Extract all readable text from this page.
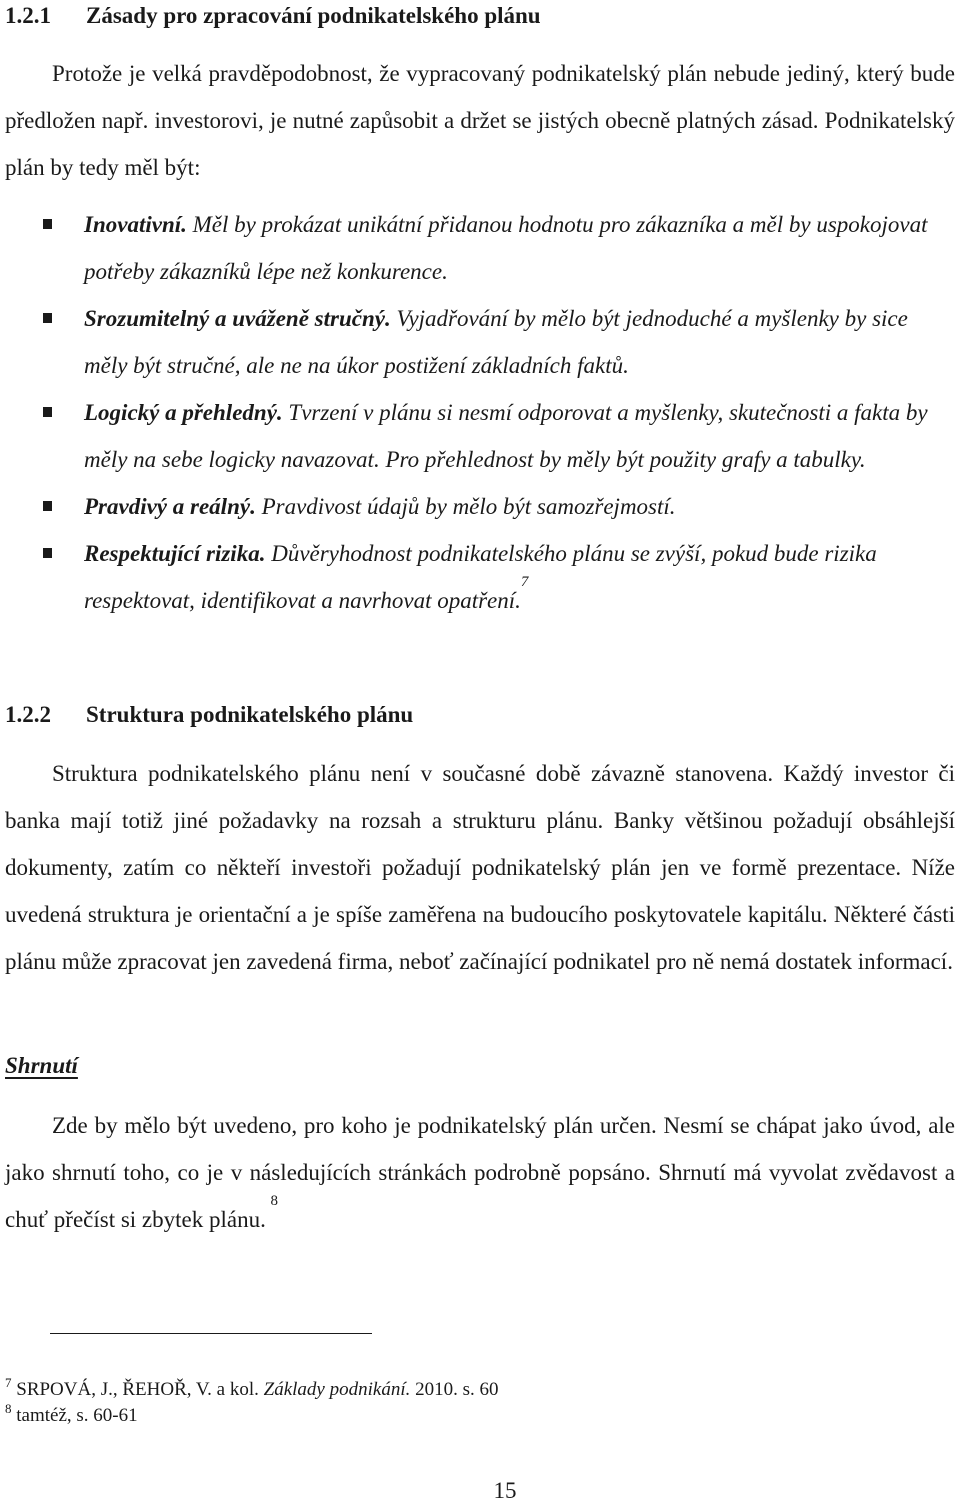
1.2.1 Zásady pro zpracování podnikatelského plánu

Protože je velká pravděpodobnost, že vypracovaný podnikatelský plán nebude jediný, který bude předložen např. investorovi, je nutné zapůsobit a držet se jistých obecně platných zásad. Podnikatelský plán by tedy měl být:

Inovativní. Měl by prokázat unikátní přidanou hodnotu pro zákazníka a měl by uspokojovat potřeby zákazníků lépe než konkurence.
Srozumitelný a uváženě stručný. Vyjadřování by mělo být jednoduché a myšlenky by sice měly být stručné, ale ne na úkor postižení základních faktů.
Logický a přehledný. Tvrzení v plánu si nesmí odporovat a myšlenky, skutečnosti a fakta by měly na sebe logicky navazovat. Pro přehlednost by měly být použity grafy a tabulky.
Pravdivý a reálný. Pravdivost údajů by mělo být samozřejmostí.
Respektující rizika. Důvěryhodnost podnikatelského plánu se zvýší, pokud bude rizika respektovat, identifikovat a navrhovat opatření.$^7$
1.2.2 Struktura podnikatelského plánu

Struktura podnikatelského plánu není v současné době závazně stanovena. Každý investor či banka mají totiž jiné požadavky na rozsah a strukturu plánu. Banky většinou požadují obsáhlejší dokumenty, zatím co někteří investoři požadují podnikatelský plán jen ve formě prezentace. Níže uvedená struktura je orientační a je spíše zaměřena na budoucího poskytovatele kapitálu. Některé části plánu může zpracovat jen zavedená firma, neboť začínající podnikatel pro ně nemá dostatek informací.

Shrnutí

Zde by mělo být uvedeno, pro koho je podnikatelský plán určen. Nesmí se chápat jako úvod, ale jako shrnutí toho, co je v následujících stránkách podrobně popsáno. Shrnutí má vyvolat zvědavost a chuť přečíst si zbytek plánu. $^8$

$^7$ SRPOVÁ, J., ŘEHOŘ, V. a kol. Základy podnikání. 2010. s. 60
$^8$ tamtéž, s. 60-61
15
